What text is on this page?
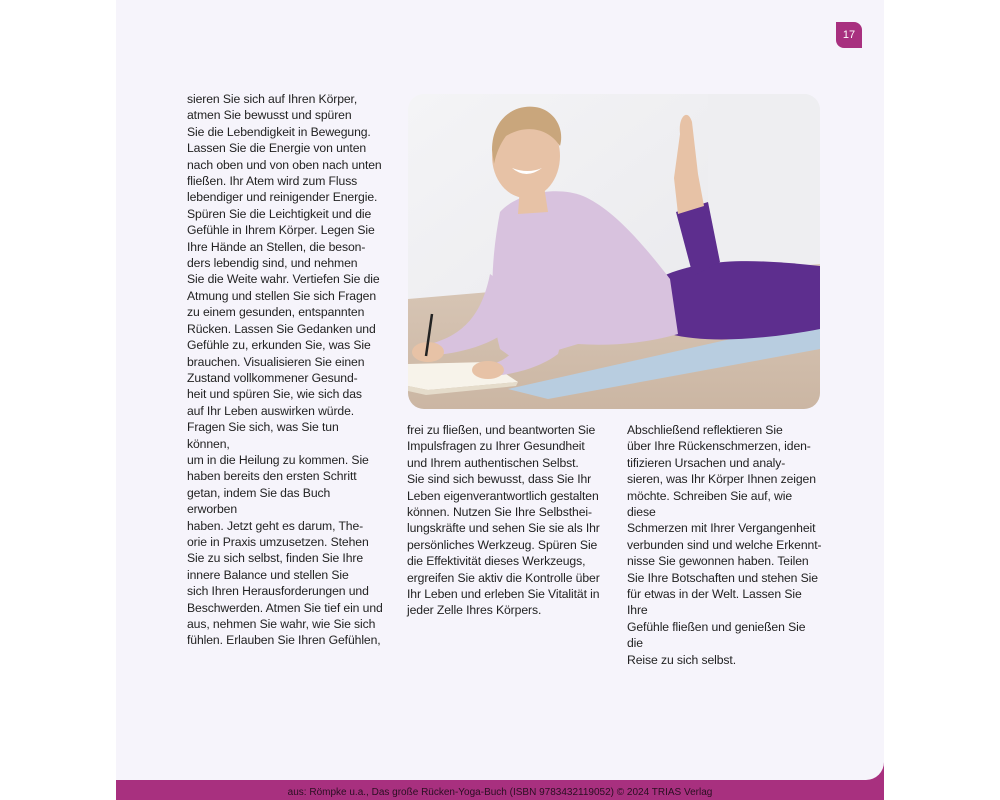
17
sieren Sie sich auf Ihren Körper,
atmen Sie bewusst und spüren
Sie die Lebendigkeit in Bewegung.
Lassen Sie die Energie von unten
nach oben und von oben nach unten
fließen. Ihr Atem wird zum Fluss
lebendiger und reinigender Energie.
Spüren Sie die Leichtigkeit und die
Gefühle in Ihrem Körper. Legen Sie
Ihre Hände an Stellen, die beson-
ders lebendig sind, und nehmen
Sie die Weite wahr. Vertiefen Sie die
Atmung und stellen Sie sich Fragen
zu einem gesunden, entspannten
Rücken. Lassen Sie Gedanken und
Gefühle zu, erkunden Sie, was Sie
brauchen. Visualisieren Sie einen
Zustand vollkommener Gesund-
heit und spüren Sie, wie sich das
auf Ihr Leben auswirken würde.
Fragen Sie sich, was Sie tun können,
um in die Heilung zu kommen. Sie
haben bereits den ersten Schritt
getan, indem Sie das Buch erworben
haben. Jetzt geht es darum, The-
orie in Praxis umzusetzen. Stehen
Sie zu sich selbst, finden Sie Ihre
innere Balance und stellen Sie
sich Ihren Herausforderungen und
Beschwerden. Atmen Sie tief ein und
aus, nehmen Sie wahr, wie Sie sich
fühlen. Erlauben Sie Ihren Gefühlen,
frei zu fließen, und beantworten Sie
Impulsfragen zu Ihrer Gesundheit
und Ihrem authentischen Selbst.
Sie sind sich bewusst, dass Sie Ihr
Leben eigenverantwortlich gestalten
können. Nutzen Sie Ihre Selbsthei-
lungskräfte und sehen Sie sie als Ihr
persönliches Werkzeug. Spüren Sie
die Effektivität dieses Werkzeugs,
ergreifen Sie aktiv die Kontrolle über
Ihr Leben und erleben Sie Vitalität in
jeder Zelle Ihres Körpers.
Abschließend reflektieren Sie
über Ihre Rückenschmerzen, iden-
tifizieren Ursachen und analy-
sieren, was Ihr Körper Ihnen zeigen
möchte. Schreiben Sie auf, wie diese
Schmerzen mit Ihrer Vergangenheit
verbunden sind und welche Erkennt-
nisse Sie gewonnen haben. Teilen
Sie Ihre Botschaften und stehen Sie
für etwas in der Welt. Lassen Sie Ihre
Gefühle fließen und genießen Sie die
Reise zu sich selbst.
aus: Römpke u.a., Das große Rücken-Yoga-Buch (ISBN 9783432119052) © 2024 TRIAS Verlag
